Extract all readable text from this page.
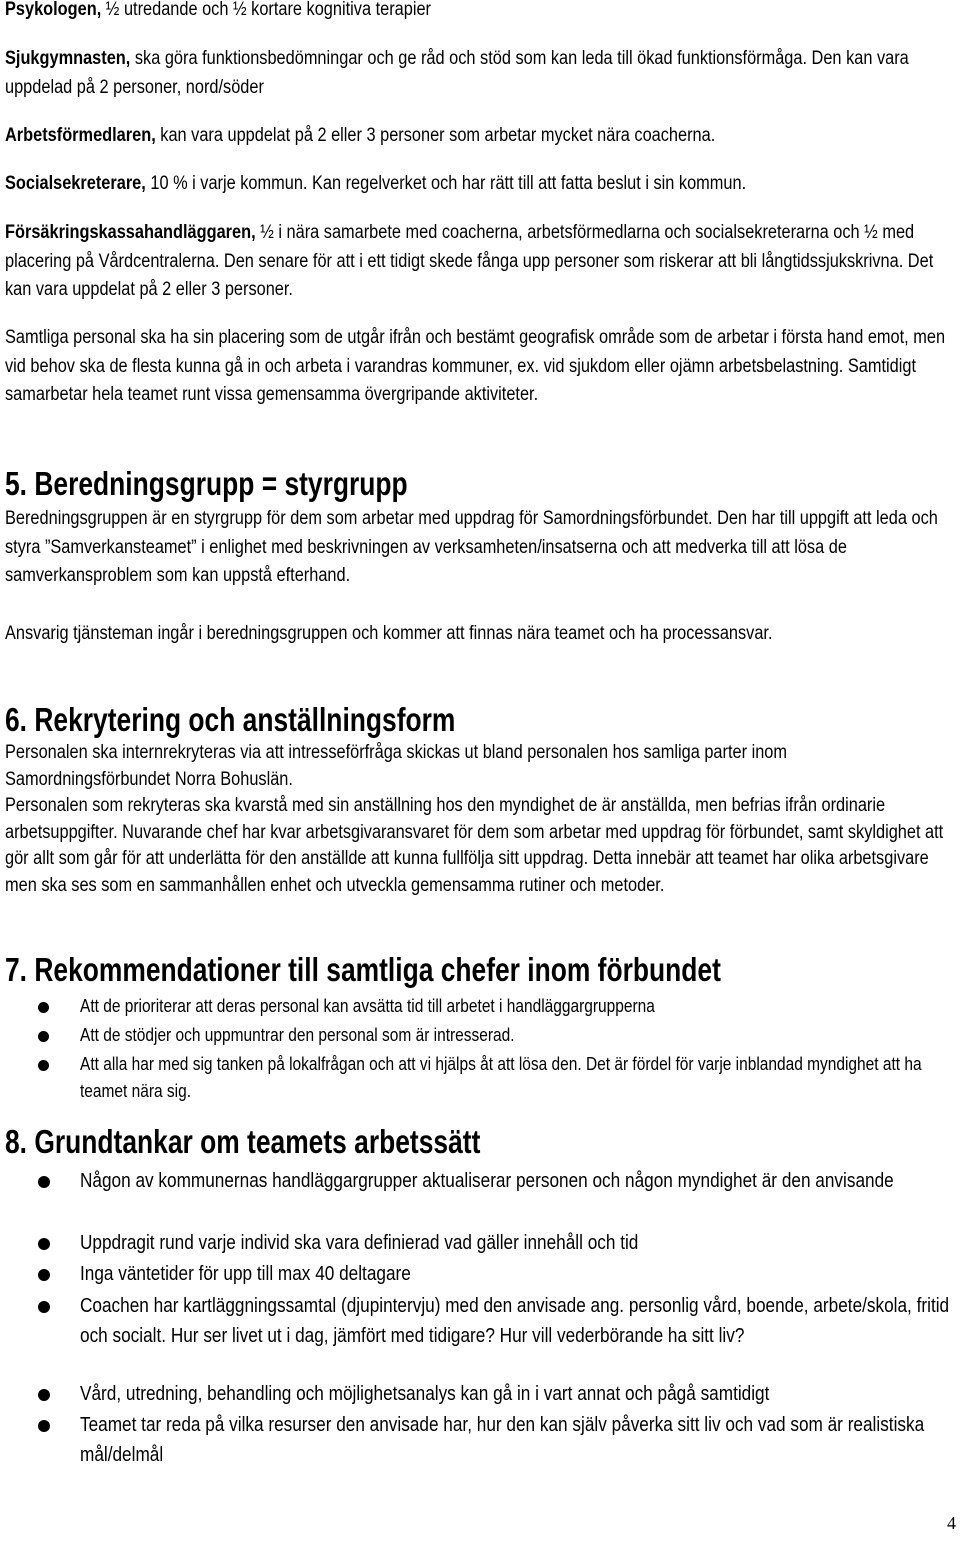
Psykologen, ½ utredande och ½ kortare kognitiva terapier

Sjukgymnasten, ska göra funktionsbedömningar och ge råd och stöd som kan leda till ökad funktionsförmåga. Den kan vara uppdelad på 2 personer, nord/söder

Arbetsförmedlaren, kan vara uppdelat på 2 eller 3 personer som arbetar mycket nära coacherna.

Socialsekreterare, 10 % i varje kommun. Kan regelverket och har rätt till att fatta beslut i sin kommun.

Försäkringskassahandläggaren, ½ i nära samarbete med coacherna, arbetsförmedlarna och socialsekreterarna och ½ med placering på Vårdcentralerna. Den senare för att i ett tidigt skede fånga upp personer som riskerar att bli långtidssjukskrivna. Det kan vara uppdelat på 2 eller 3 personer.

Samtliga personal ska ha sin placering som de utgår ifrån och bestämt geografisk område som de arbetar i första hand emot, men vid behov ska de flesta kunna gå in och arbeta i varandras kommuner, ex. vid sjukdom eller ojämn arbetsbelastning. Samtidigt samarbetar hela teamet runt vissa gemensamma övergripande aktiviteter.

5. Beredningsgrupp = styrgrupp

Beredningsgruppen är en styrgrupp för dem som arbetar med uppdrag för Samordningsförbundet. Den har till uppgift att leda och styra ”Samverkansteamet” i enlighet med beskrivningen av verksamheten/insatserna och att medverka till att lösa de samverkansproblem som kan uppstå efterhand.

Ansvarig tjänsteman ingår i beredningsgruppen och kommer att finnas nära teamet och ha processansvar.

6. Rekrytering och anställningsform

Personalen ska internrekryteras via att intresseförfråga skickas ut bland personalen hos samliga parter inom Samordningsförbundet Norra Bohuslän.

Personalen som rekryteras ska kvarstå med sin anställning hos den myndighet de är anställda, men befrias ifrån ordinarie arbetsuppgifter. Nuvarande chef har kvar arbetsgivaransvaret för dem som arbetar med uppdrag för förbundet, samt skyldighet att gör allt som går för att underlätta för den anställde att kunna fullfölja sitt uppdrag. Detta innebär att teamet har olika arbetsgivare men ska ses som en sammanhållen enhet och utveckla gemensamma rutiner och metoder.

7. Rekommendationer till samtliga chefer inom förbundet

Att de prioriterar att deras personal kan avsätta tid till arbetet i handläggargrupperna

Att de stödjer och uppmuntrar den personal som är intresserad.

Att alla har med sig tanken på lokalfrågan och att vi hjälps åt att lösa den. Det är fördel för varje inblandad myndighet att ha teamet nära sig.

8. Grundtankar om teamets arbetssätt

Någon av kommunernas handläggargrupper aktualiserar personen och någon myndighet är den anvisande

Uppdragit rund varje individ ska vara definierad vad gäller innehåll och tid

Inga väntetider för upp till max 40 deltagare

Coachen har kartläggningssamtal (djupintervju) med den anvisade ang. personlig vård, boende, arbete/skola, fritid och socialt. Hur ser livet ut i dag, jämfört med tidigare? Hur vill vederbörande ha sitt liv?

Vård, utredning, behandling och möjlighetsanalys kan gå in i vart annat och pågå samtidigt

Teamet tar reda på vilka resurser den anvisade har, hur den kan själv påverka sitt liv och vad som är realistiska mål/delmål

4
